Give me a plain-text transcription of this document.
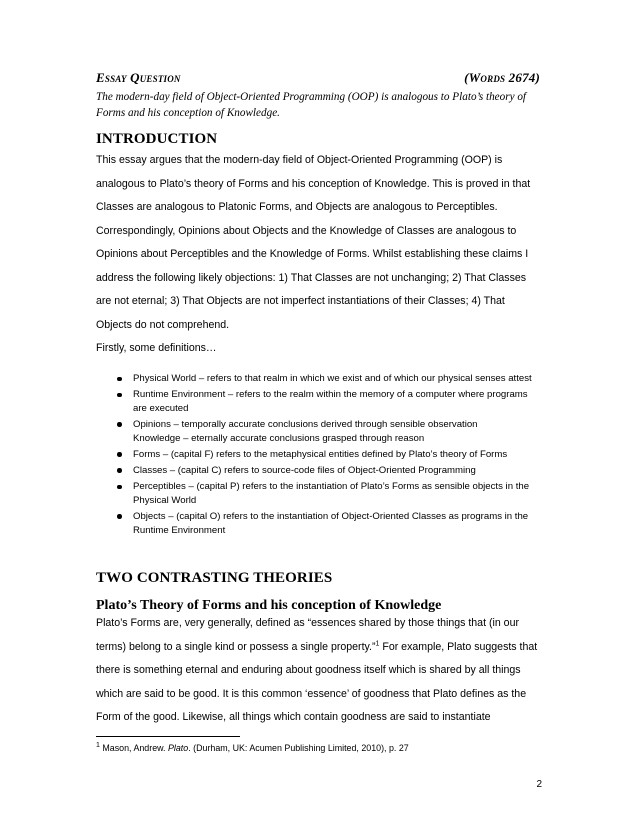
Essay Question	(Words 2674)
The modern-day field of Object-Oriented Programming (OOP) is analogous to Plato’s theory of Forms and his conception of Knowledge.
INTRODUCTION

This essay argues that the modern-day field of Object-Oriented Programming (OOP) is analogous to Plato’s theory of Forms and his conception of Knowledge. This is proved in that Classes are analogous to Platonic Forms, and Objects are analogous to Perceptibles. Correspondingly, Opinions about Objects and the Knowledge of Classes are analogous to Opinions about Perceptibles and the Knowledge of Forms. Whilst establishing these claims I address the following likely objections: 1) That Classes are not unchanging; 2) That Classes are not eternal; 3) That Objects are not imperfect instantiations of their Classes; 4) That Objects do not comprehend.

Firstly, some definitions…

Physical World – refers to that realm in which we exist and of which our physical senses attest
Runtime Environment – refers to the realm within the memory of a computer where programs are executed
Opinions – temporally accurate conclusions derived through sensible observation
Knowledge – eternally accurate conclusions grasped through reason
Forms – (capital F) refers to the metaphysical entities defined by Plato’s theory of Forms
Classes – (capital C) refers to source-code files of Object-Oriented Programming
Perceptibles – (capital P) refers to the instantiation of Plato’s Forms as sensible objects in the Physical World
Objects – (capital O) refers to the instantiation of Object-Oriented Classes as programs in the Runtime Environment
TWO CONTRASTING THEORIES
Plato’s Theory of Forms and his conception of Knowledge

Plato’s Forms are, very generally, defined as “essences shared by those things that (in our terms) belong to a single kind or possess a single property.”$^1$ For example, Plato suggests that there is something eternal and enduring about goodness itself which is shared by all things which are said to be good. It is this common ‘essence’ of goodness that Plato defines as the Form of the good. Likewise, all things which contain goodness are said to instantiate

$^1$ Mason, Andrew. Plato. (Durham, UK: Acumen Publishing Limited, 2010), p. 27
2
